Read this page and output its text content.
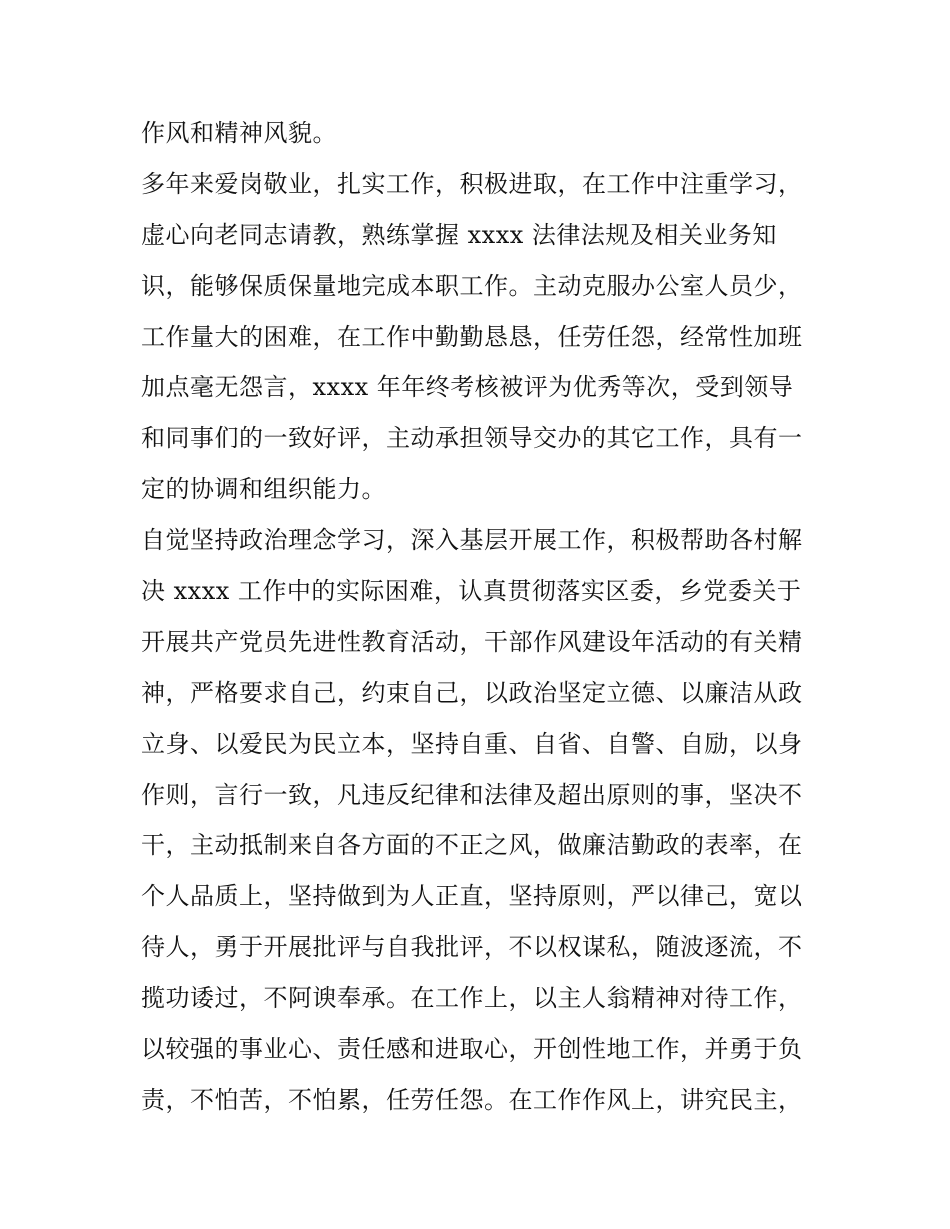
作风和精神风貌。
多年来爱岗敬业，扎实工作，积极进取，在工作中注重学习，
虚心向老同志请教，熟练掌握 xxxx 法律法规及相关业务知
识，能够保质保量地完成本职工作。主动克服办公室人员少，
工作量大的困难，在工作中勤勤恳恳，任劳任怨，经常性加班
加点毫无怨言，xxxx 年年终考核被评为优秀等次，受到领导
和同事们的一致好评，主动承担领导交办的其它工作，具有一
定的协调和组织能力。
自觉坚持政治理念学习，深入基层开展工作，积极帮助各村解
决 xxxx 工作中的实际困难，认真贯彻落实区委，乡党委关于
开展共产党员先进性教育活动，干部作风建设年活动的有关精
神，严格要求自己，约束自己，以政治坚定立德、以廉洁从政
立身、以爱民为民立本，坚持自重、自省、自警、自励，以身
作则，言行一致，凡违反纪律和法律及超出原则的事，坚决不
干，主动抵制来自各方面的不正之风，做廉洁勤政的表率，在
个人品质上，坚持做到为人正直，坚持原则，严以律己，宽以
待人，勇于开展批评与自我批评，不以权谋私，随波逐流，不
揽功诿过，不阿谀奉承。在工作上，以主人翁精神对待工作，
以较强的事业心、责任感和进取心，开创性地工作，并勇于负
责，不怕苦，不怕累，任劳任怨。在工作作风上，讲究民主，
